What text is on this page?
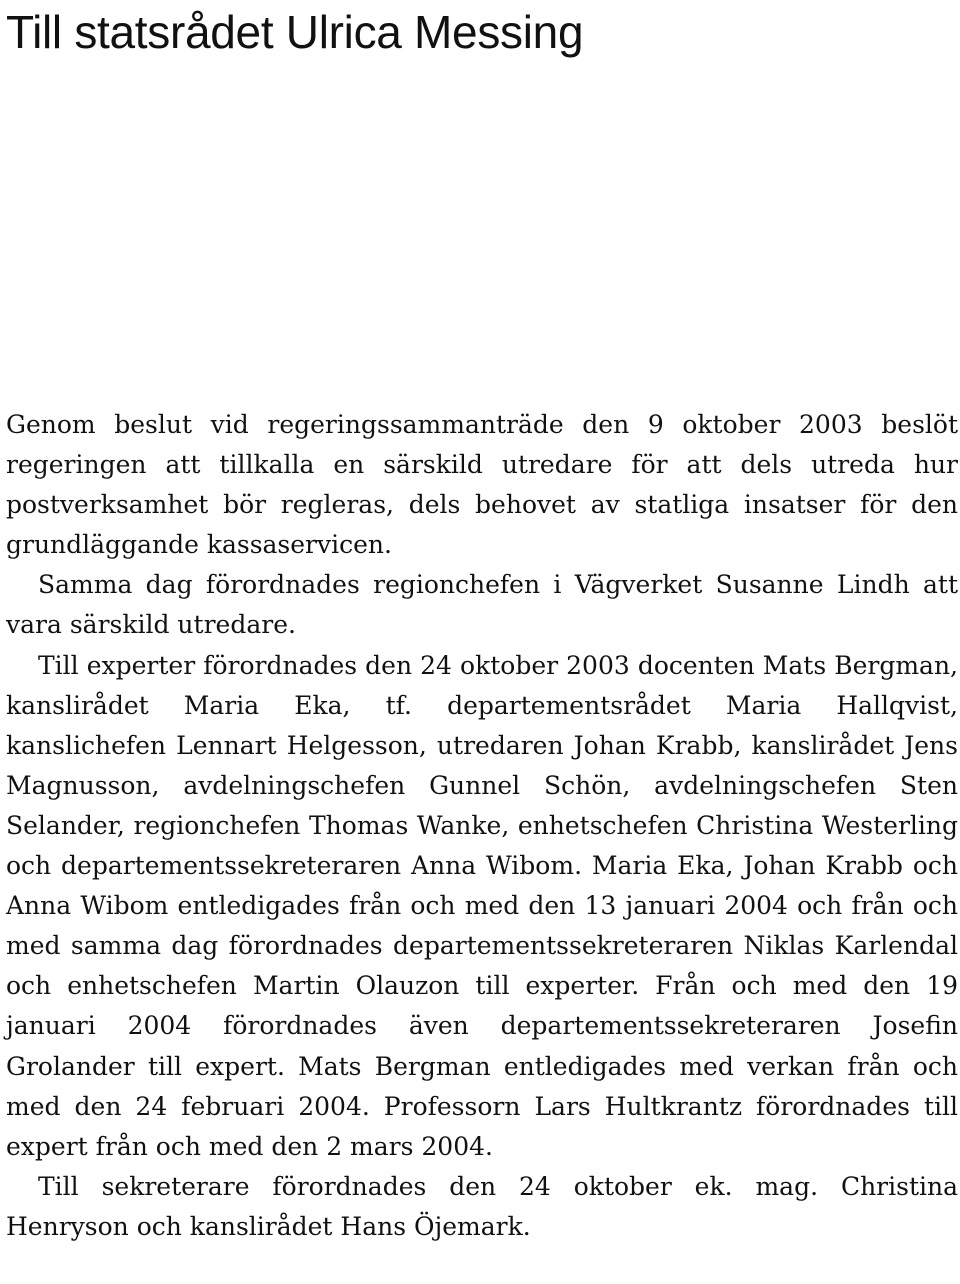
Till statsrådet Ulrica Messing

Genom beslut vid regeringssammanträde den 9 oktober 2003 beslöt regeringen att tillkalla en särskild utredare för att dels utreda hur postverksamhet bör regleras, dels behovet av statliga insatser för den grundläggande kassaservicen.

Samma dag förordnades regionchefen i Vägverket Susanne Lindh att vara särskild utredare.

Till experter förordnades den 24 oktober 2003 docenten Mats Bergman, kanslirådet Maria Eka, tf. departementsrådet Maria Hallqvist, kanslichefen Lennart Helgesson, utredaren Johan Krabb, kanslirådet Jens Magnusson, avdelningschefen Gunnel Schön, avdelningschefen Sten Selander, regionchefen Thomas Wanke, enhetschefen Christina Westerling och departementssekreteraren Anna Wibom. Maria Eka, Johan Krabb och Anna Wibom entledigades från och med den 13 januari 2004 och från och med samma dag förordnades departementssekreteraren Niklas Karlendal och enhetschefen Martin Olauzon till experter. Från och med den 19 januari 2004 förordnades även departementssekreteraren Josefin Grolander till expert. Mats Bergman entledigades med verkan från och med den 24 februari 2004. Professorn Lars Hultkrantz förordnades till expert från och med den 2 mars 2004.

Till sekreterare förordnades den 24 oktober ek. mag. Christina Henryson och kanslirådet Hans Öjemark.
